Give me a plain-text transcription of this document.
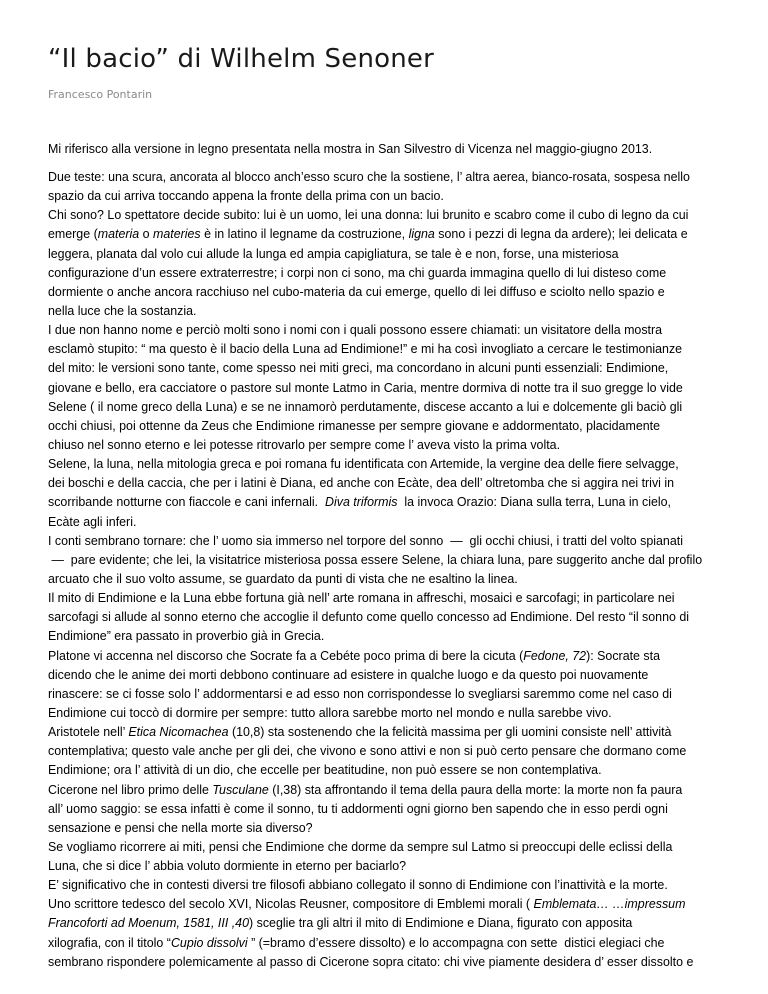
“Il bacio” di Wilhelm Senoner

Francesco Pontarin

Mi riferisco alla versione in legno presentata nella mostra in San Silvestro di Vicenza nel maggio-giugno 2013.

Due teste: una scura, ancorata al blocco anch’esso scuro che la sostiene, l’ altra aerea, bianco-rosata, sospesa nello
spazio da cui arriva toccando appena la fronte della prima con un bacio.
Chi sono? Lo spettatore decide subito: lui è un uomo, lei una donna: lui brunito e scabro come il cubo di legno da cui
emerge (materia o materies è in latino il legname da costruzione, ligna sono i pezzi di legna da ardere); lei delicata e
leggera, planata dal volo cui allude la lunga ed ampia capigliatura, se tale è e non, forse, una misteriosa
configurazione d’un essere extraterrestre; i corpi non ci sono, ma chi guarda immagina quello di lui disteso come
dormiente o anche ancora racchiuso nel cubo-materia da cui emerge, quello di lei diffuso e sciolto nello spazio e
nella luce che la sostanzia.
I due non hanno nome e perciò molti sono i nomi con i quali possono essere chiamati: un visitatore della mostra
esclamò stupito: “ ma questo è il bacio della Luna ad Endimione!” e mi ha così invogliato a cercare le testimonianze
del mito: le versioni sono tante, come spesso nei miti greci, ma concordano in alcuni punti essenziali: Endimione,
giovane e bello, era cacciatore o pastore sul monte Latmo in Caria, mentre dormiva di notte tra il suo gregge lo vide
Selene ( il nome greco della Luna) e se ne innamorò perdutamente, discese accanto a lui e dolcemente gli baciò gli
occhi chiusi, poi ottenne da Zeus che Endimione rimanesse per sempre giovane e addormentato, placidamente
chiuso nel sonno eterno e lei potesse ritrovarlo per sempre come l’ aveva visto la prima volta.
Selene, la luna, nella mitologia greca e poi romana fu identificata con Artemide, la vergine dea delle fiere selvagge,
dei boschi e della caccia, che per i latini è Diana, ed anche con Ecàte, dea dell’ oltretomba che si aggira nei trivi in
scorribande notturne con fiaccole e cani infernali.  Diva triformis  la invoca Orazio: Diana sulla terra, Luna in cielo,
Ecàte agli inferi.
I conti sembrano tornare: che l’ uomo sia immerso nel torpore del sonno  —  gli occhi chiusi, i tratti del volto spianati
—  pare evidente; che lei, la visitatrice misteriosa possa essere Selene, la chiara luna, pare suggerito anche dal profilo
arcuato che il suo volto assume, se guardato da punti di vista che ne esaltino la linea.
Il mito di Endimione e la Luna ebbe fortuna già nell’ arte romana in affreschi, mosaici e sarcofagi; in particolare nei
sarcofagi si allude al sonno eterno che accoglie il defunto come quello concesso ad Endimione. Del resto “il sonno di
Endimione” era passato in proverbio già in Grecia.
Platone vi accenna nel discorso che Socrate fa a Cebéte poco prima di bere la cicuta (Fedone, 72): Socrate sta
dicendo che le anime dei morti debbono continuare ad esistere in qualche luogo e da questo poi nuovamente
rinascere: se ci fosse solo l’ addormentarsi e ad esso non corrispondesse lo svegliarsi saremmo come nel caso di
Endimione cui toccò di dormire per sempre: tutto allora sarebbe morto nel mondo e nulla sarebbe vivo.
Aristotele nell’ Etica Nicomachea (10,8) sta sostenendo che la felicità massima per gli uomini consiste nell’ attività
contemplativa; questo vale anche per gli dei, che vivono e sono attivi e non si può certo pensare che dormano come
Endimione; ora l’ attività di un dio, che eccelle per beatitudine, non può essere se non contemplativa.
Cicerone nel libro primo delle Tusculane (I,38) sta affrontando il tema della paura della morte: la morte non fa paura
all’ uomo saggio: se essa infatti è come il sonno, tu ti addormenti ogni giorno ben sapendo che in esso perdi ogni
sensazione e pensi che nella morte sia diverso?
Se vogliamo ricorrere ai miti, pensi che Endimione che dorme da sempre sul Latmo si preoccupi delle eclissi della
Luna, che si dice l’ abbia voluto dormiente in eterno per baciarlo?
E’ significativo che in contesti diversi tre filosofi abbiano collegato il sonno di Endimione con l’inattività e la morte.
Uno scrittore tedesco del secolo XVI, Nicolas Reusner, compositore di Emblemi morali ( Emblemata… …impressum
Francoforti ad Moenum, 1581, III ,40) sceglie tra gli altri il mito di Endimione e Diana, figurato con apposita
xilografia, con il titolo “Cupio dissolvi ” (=bramo d’essere dissolto) e lo accompagna con sette  distici elegiaci che
sembrano rispondere polemicamente al passo di Cicerone sopra citato: chi vive piamente desidera d’ esser dissolto e
